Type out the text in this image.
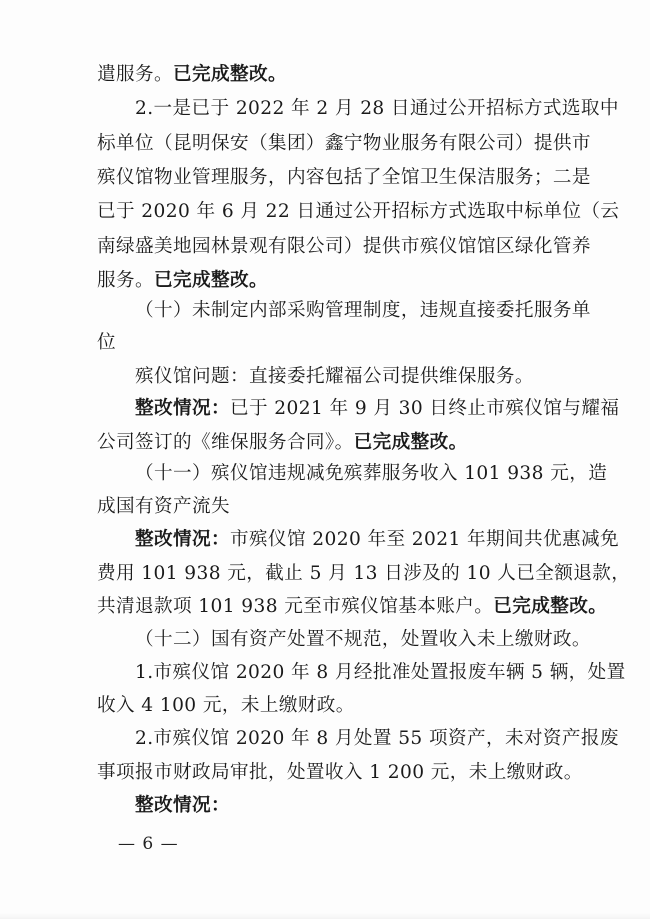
遣服务。已完成整改。
2.一是已于 2022 年 2 月 28 日通过公开招标方式选取中
标单位（昆明保安（集团）鑫宁物业服务有限公司）提供市
殡仪馆物业管理服务，内容包括了全馆卫生保洁服务；二是
已于 2020 年 6 月 22 日通过公开招标方式选取中标单位（云
南绿盛美地园林景观有限公司）提供市殡仪馆馆区绿化管养
服务。已完成整改。
（十）未制定内部采购管理制度，违规直接委托服务单
位
殡仪馆问题：直接委托耀福公司提供维保服务。
整改情况：已于 2021 年 9 月 30 日终止市殡仪馆与耀福
公司签订的《维保服务合同》。已完成整改。
（十一）殡仪馆违规减免殡葬服务收入 101 938 元，造
成国有资产流失
整改情况：市殡仪馆 2020 年至 2021 年期间共优惠减免
费用 101 938 元，截止 5 月 13 日涉及的 10 人已全额退款，
共清退款项 101 938 元至市殡仪馆基本账户。已完成整改。
（十二）国有资产处置不规范，处置收入未上缴财政。
1.市殡仪馆 2020 年 8 月经批准处置报废车辆 5 辆，处置
收入 4 100 元，未上缴财政。
2.市殡仪馆 2020 年 8 月处置 55 项资产，未对资产报废
事项报市财政局审批，处置收入 1 200 元，未上缴财政。
整改情况：
— 6 —
